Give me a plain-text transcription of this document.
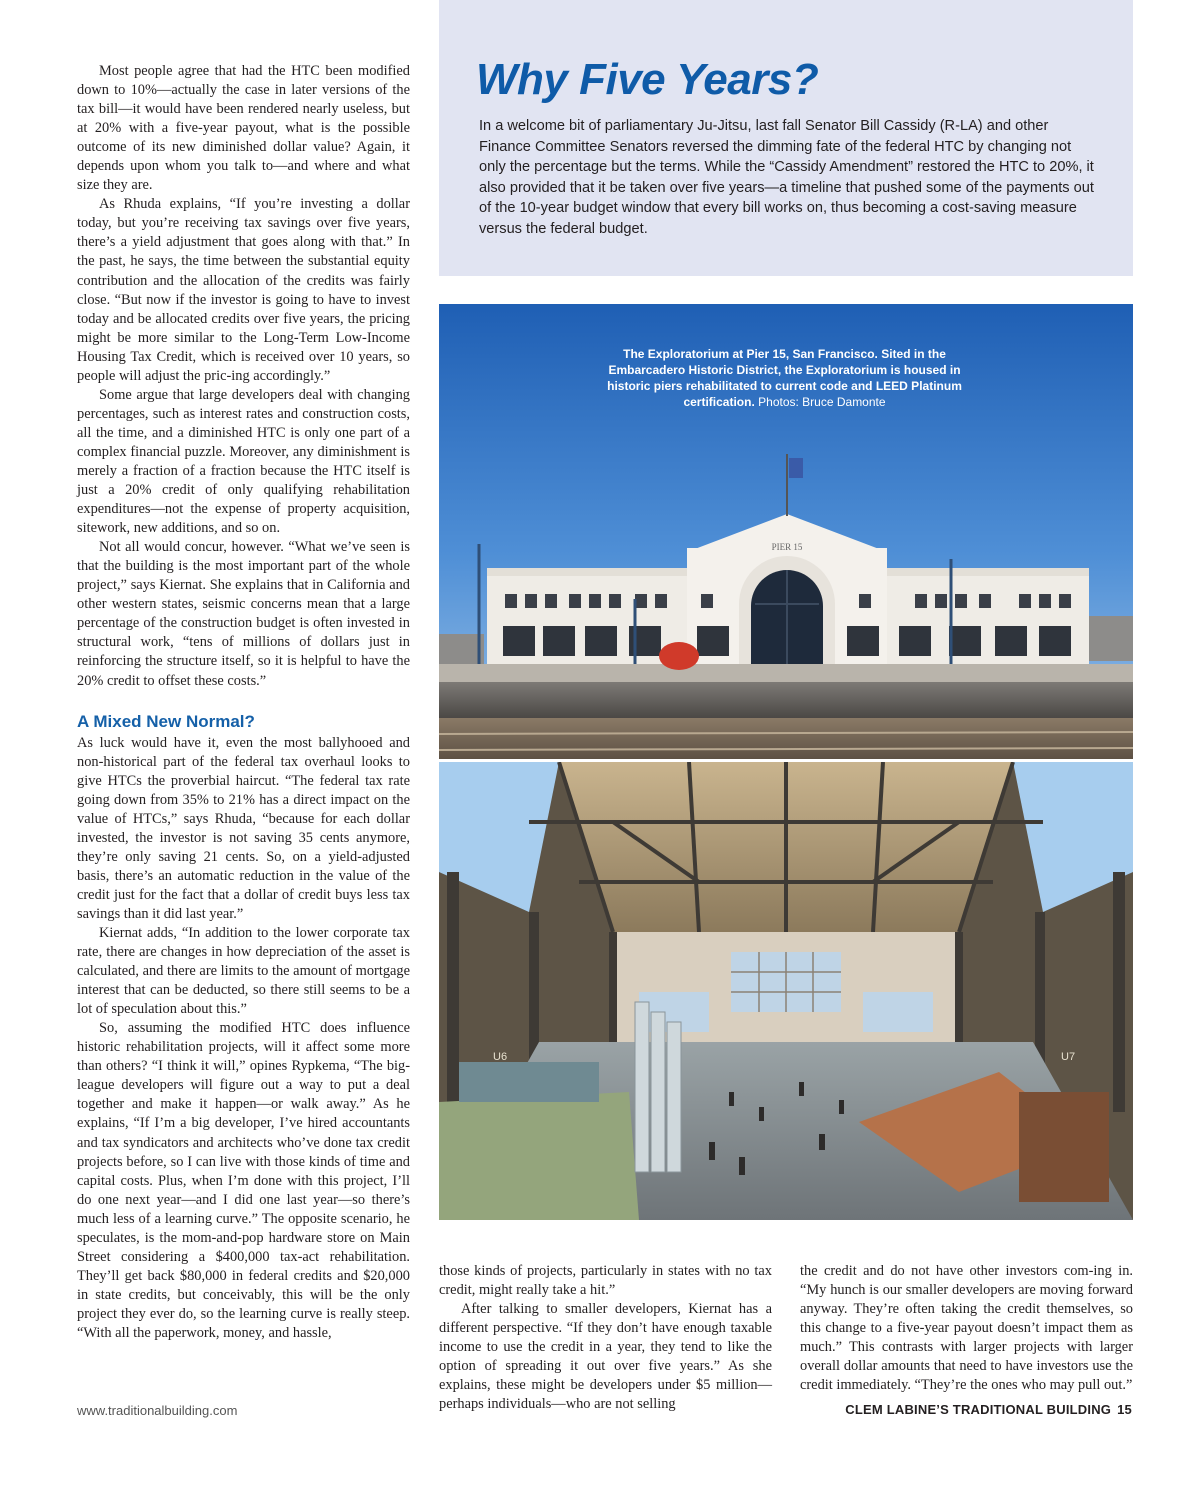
Most people agree that had the HTC been modified down to 10%—actually the case in later versions of the tax bill—it would have been rendered nearly useless, but at 20% with a five-year payout, what is the possible outcome of its new diminished dollar value? Again, it depends upon whom you talk to—and where and what size they are.

As Rhuda explains, “If you’re investing a dollar today, but you’re receiving tax savings over five years, there’s a yield adjustment that goes along with that.” In the past, he says, the time between the substantial equity contribution and the allocation of the credits was fairly close. “But now if the investor is going to have to invest today and be allocated credits over five years, the pricing might be more similar to the Long-Term Low-Income Housing Tax Credit, which is received over 10 years, so people will adjust the pric-ing accordingly.”

Some argue that large developers deal with changing percentages, such as interest rates and construction costs, all the time, and a diminished HTC is only one part of a complex financial puzzle. Moreover, any diminishment is merely a fraction of a fraction because the HTC itself is just a 20% credit of only qualifying rehabilitation expenditures—not the expense of property acquisition, sitework, new additions, and so on.

Not all would concur, however. “What we’ve seen is that the building is the most important part of the whole project,” says Kiernat. She explains that in California and other western states, seismic concerns mean that a large percentage of the construction budget is often invested in structural work, “tens of millions of dollars just in reinforcing the structure itself, so it is helpful to have the 20% credit to offset these costs.”

A Mixed New Normal?

As luck would have it, even the most ballyhooed and non-historical part of the federal tax overhaul looks to give HTCs the proverbial haircut. “The federal tax rate going down from 35% to 21% has a direct impact on the value of HTCs,” says Rhuda, “because for each dollar invested, the investor is not saving 35 cents anymore, they’re only saving 21 cents. So, on a yield-adjusted basis, there’s an automatic reduction in the value of the credit just for the fact that a dollar of credit buys less tax savings than it did last year.”

Kiernat adds, “In addition to the lower corporate tax rate, there are changes in how depreciation of the asset is calculated, and there are limits to the amount of mortgage interest that can be deducted, so there still seems to be a lot of speculation about this.”

So, assuming the modified HTC does influence historic rehabilitation projects, will it affect some more than others? “I think it will,” opines Rypkema, “The big-league developers will figure out a way to put a deal together and make it happen—or walk away.” As he explains, “If I’m a big developer, I’ve hired accountants and tax syndicators and architects who’ve done tax credit projects before, so I can live with those kinds of time and capital costs. Plus, when I’m done with this project, I’ll do one next year—and I did one last year—so there’s much less of a learning curve.” The opposite scenario, he speculates, is the mom-and-pop hardware store on Main Street considering a $400,000 tax-act rehabilitation. They’ll get back $80,000 in federal credits and $20,000 in state credits, but conceivably, this will be the only project they ever do, so the learning curve is really steep. “With all the paperwork, money, and hassle,

Why Five Years?

In a welcome bit of parliamentary Ju-Jitsu, last fall Senator Bill Cassidy (R-LA) and other Finance Committee Senators reversed the dimming fate of the federal HTC by changing not only the percentage but the terms. While the “Cassidy Amendment” restored the HTC to 20%, it also provided that it be taken over five years—a timeline that pushed some of the payments out of the 10-year budget window that every bill works on, thus becoming a cost-saving measure versus the federal budget.

PIER 15
The Exploratorium at Pier 15, San Francisco. Sited in the Embarcadero Historic District, the Exploratorium is housed in historic piers rehabilitated to current code and LEED Platinum certification. Photos: Bruce Damonte
U6	U7

those kinds of projects, particularly in states with no tax credit, might really take a hit.”

After talking to smaller developers, Kiernat has a different perspective. “If they don’t have enough taxable income to use the credit in a year, they tend to like the option of spreading it out over five years.” As she explains, these might be developers under $5 million—perhaps individuals—who are not selling

the credit and do not have other investors com-ing in. “My hunch is our smaller developers are moving forward anyway. They’re often taking the credit themselves, so this change to a five-year payout doesn’t impact them as much.” This contrasts with larger projects with larger overall dollar amounts that need to have investors use the credit immediately. “They’re the ones who may pull out.”

www.traditionalbuilding.com	CLEM LABINE’S TRADITIONAL BUILDING 15
